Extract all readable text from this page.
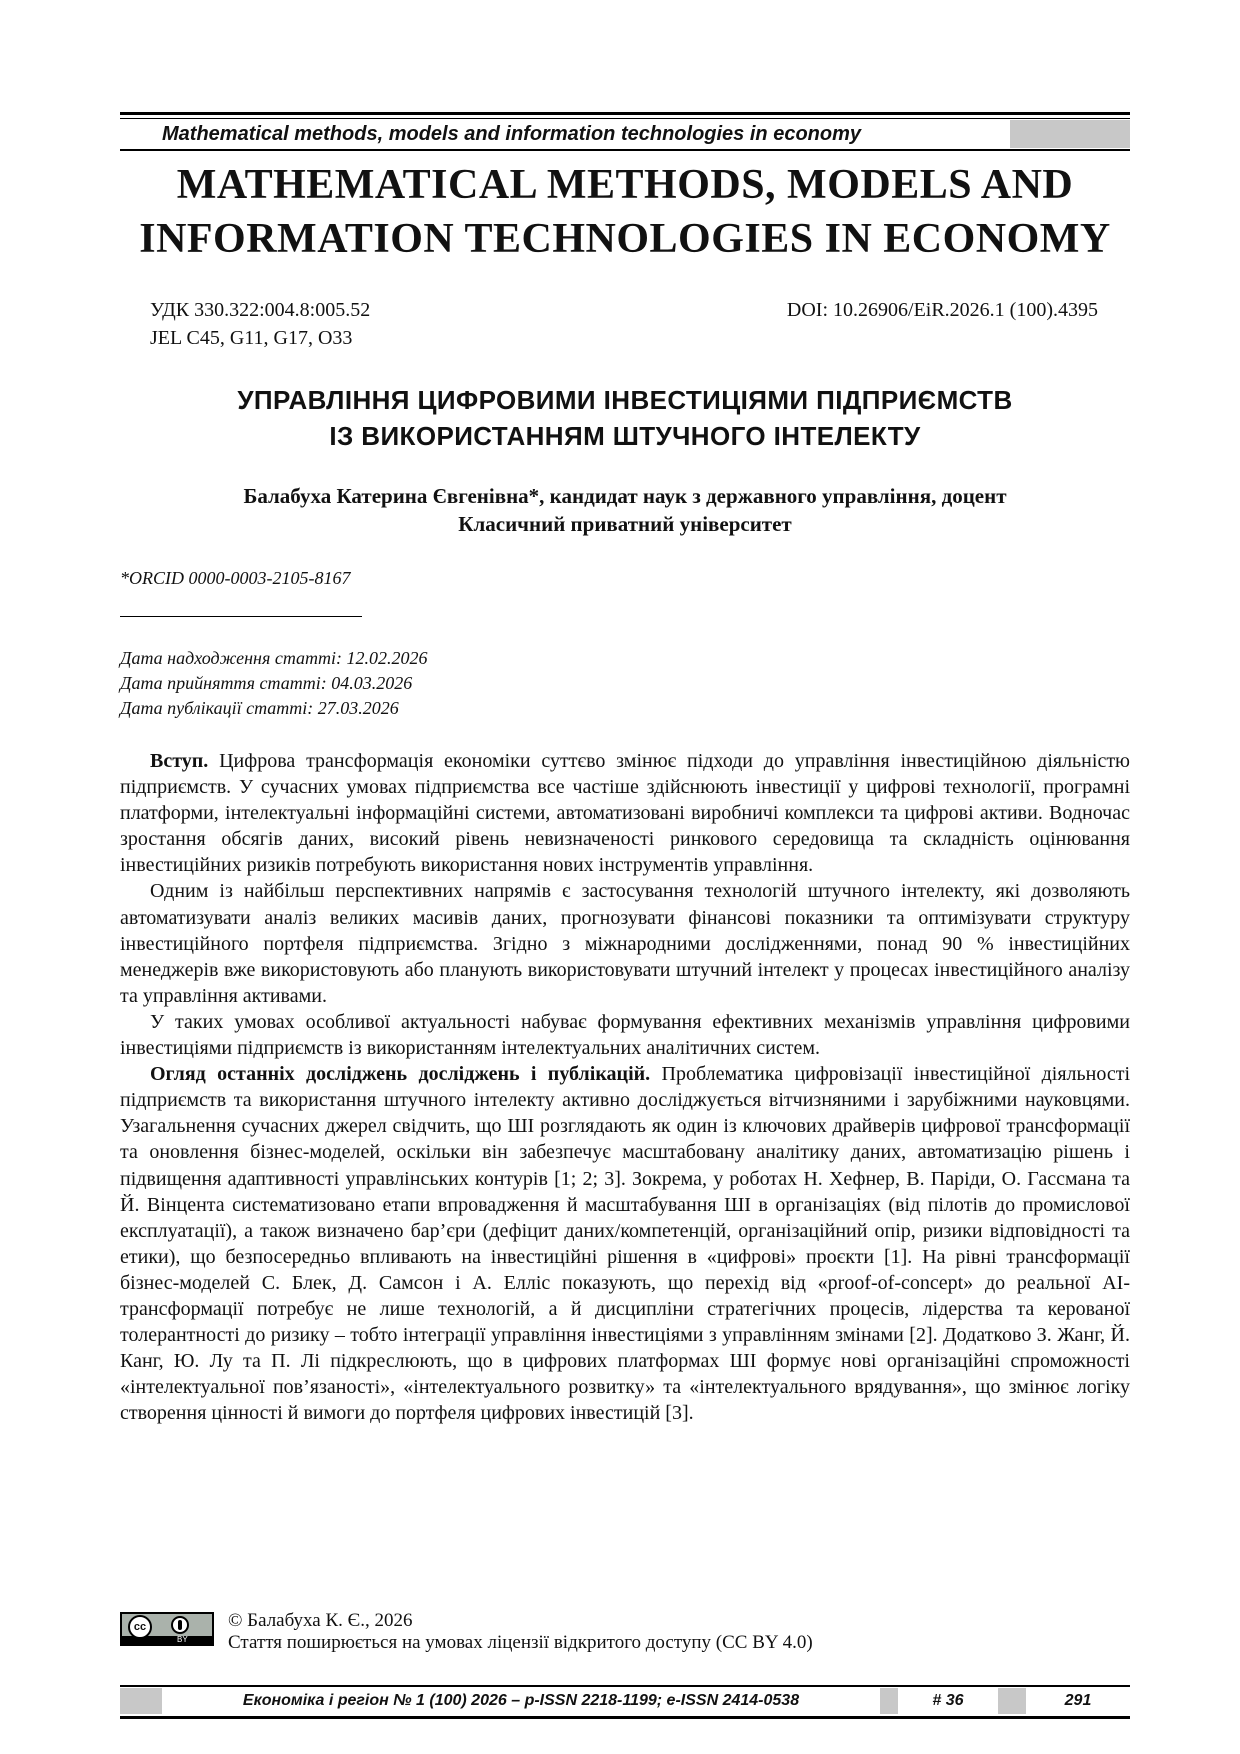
Mathematical methods, models and information technologies in economy
MATHEMATICAL METHODS, MODELS AND
INFORMATION TECHNOLOGIES IN ECONOMY
УДК 330.322:004.8:005.52
JEL C45, G11, G17, O33
DOI: 10.26906/EiR.2026.1 (100).4395
УПРАВЛІННЯ ЦИФРОВИМИ ІНВЕСТИЦІЯМИ ПІДПРИЄМСТВ
ІЗ ВИКОРИСТАННЯМ ШТУЧНОГО ІНТЕЛЕКТУ
Балабуха Катерина Євгенівна*, кандидат наук з державного управління, доцент
Класичний приватний університет
*ORCID 0000-0003-2105-8167
Дата надходження статті: 12.02.2026
Дата прийняття статті: 04.03.2026
Дата публікації статті: 27.03.2026

Вступ. Цифрова трансформація економіки суттєво змінює підходи до управління інвестиційною діяльністю підприємств. У сучасних умовах підприємства все частіше здійснюють інвестиції у цифрові технології, програмні платформи, інтелектуальні інформаційні системи, автоматизовані виробничі комплекси та цифрові активи. Водночас зростання обсягів даних, високий рівень невизначеності ринкового середовища та складність оцінювання інвестиційних ризиків потребують використання нових інструментів управління.

Одним із найбільш перспективних напрямів є застосування технологій штучного інтелекту, які дозволяють автоматизувати аналіз великих масивів даних, прогнозувати фінансові показники та оптимізувати структуру інвестиційного портфеля підприємства. Згідно з міжнародними дослідженнями, понад 90 % інвестиційних менеджерів вже використовують або планують використовувати штучний інтелект у процесах інвестиційного аналізу та управління активами.

У таких умовах особливої актуальності набуває формування ефективних механізмів управління цифровими інвестиціями підприємств із використанням інтелектуальних аналітичних систем.

Огляд останніх досліджень досліджень і публікацій. Проблематика цифровізації інвестиційної діяльності підприємств та використання штучного інтелекту активно досліджується вітчизняними і зарубіжними науковцями. Узагальнення сучасних джерел свідчить, що ШІ розглядають як один із ключових драйверів цифрової трансформації та оновлення бізнес-моделей, оскільки він забезпечує масштабовану аналітику даних, автоматизацію рішень і підвищення адаптивності управлінських контурів [1; 2; 3]. Зокрема, у роботах Н. Хефнер, В. Паріди, О. Гассмана та Й. Вінцента систематизовано етапи впровадження й масштабування ШІ в організаціях (від пілотів до промислової експлуатації), а також визначено бар’єри (дефіцит даних/компетенцій, організаційний опір, ризики відповідності та етики), що безпосередньо впливають на інвестиційні рішення в «цифрові» проєкти [1]. На рівні трансформації бізнес-моделей С. Блек, Д. Самсон і А. Елліс показують, що перехід від «proof-of-concept» до реальної AI-трансформації потребує не лише технологій, а й дисципліни стратегічних процесів, лідерства та керованої толерантності до ризику – тобто інтеграції управління інвестиціями з управлінням змінами [2]. Додатково З. Жанг, Й. Канг, Ю. Лу та П. Лі підкреслюють, що в цифрових платформах ШІ формує нові організаційні спроможності «інтелектуальної пов’язаності», «інтелектуального розвитку» та «інтелектуального врядування», що змінює логіку створення цінності й вимоги до портфеля цифрових інвестицій [3].

cc
BY
© Балабуха К. Є., 2026
Стаття поширюється на умовах ліцензії відкритого доступу (CC BY 4.0)
Економіка і регіон № 1 (100) 2026 – p-ISSN 2218-1199; e-ISSN 2414-0538	# 36	291
